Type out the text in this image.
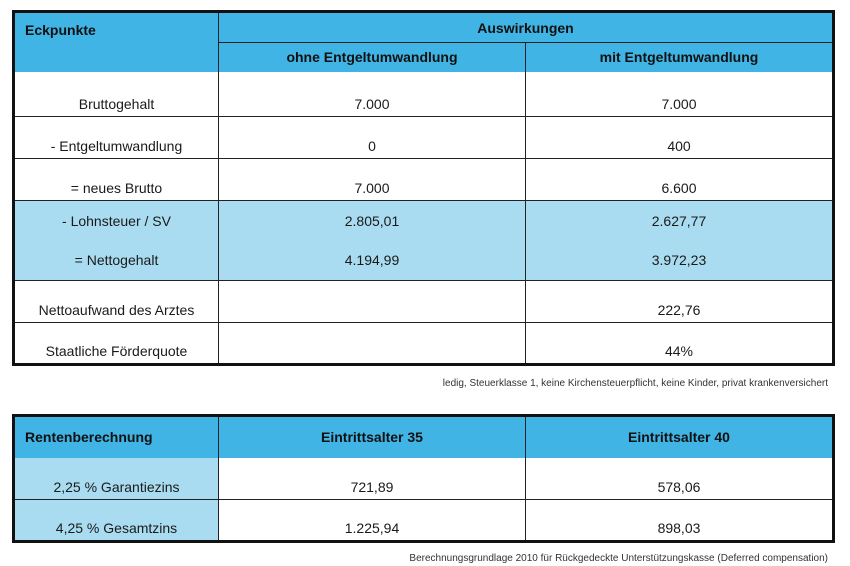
Eckpunkte	Auswirkungen	
	ohne Entgeltumwandlung	mit Entgeltumwandlung
Bruttogehalt	7.000	7.000
- Entgeltumwandlung	0	400
= neues Brutto	7.000	6.600
- Lohnsteuer / SV	2.805,01	2.627,77
= Nettogehalt	4.194,99	3.972,23
Nettoaufwand des Arztes		222,76
Staatliche Förderquote		44%
ledig, Steuerklasse 1, keine Kirchensteuerpflicht, keine Kinder, privat krankenversichert
Rentenberechnung	Eintrittsalter 35	Eintrittsalter 40
2,25 % Garantiezins	721,89	578,06
4,25 % Gesamtzins	1.225,94	898,03
Berechnungsgrundlage 2010 für Rückgedeckte Unterstützungskasse (Deferred compensation)
